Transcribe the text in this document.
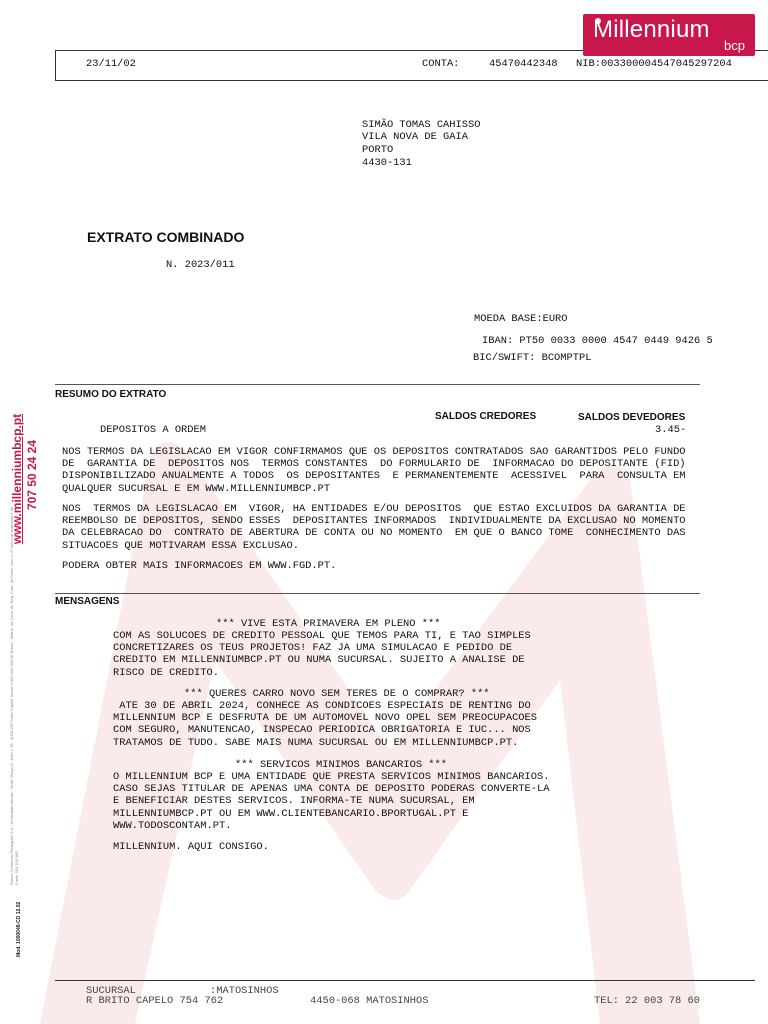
Millennium
bcp
23/11/02	CONTA:	45470442348 NIB:003300004547045297204
SIMÃO TOMAS CAHISSO
VILA NOVA DE GAIA
PORTO
4430-131
EXTRATO COMBINADO
N. 2023/011
MOEDA BASE:EURO
IBAN: PT50 0033 0000 4547 0449 9426 5
BIC/SWIFT: BCOMPTPL
RESUMO DO EXTRATO
SALDOS CREDORES	SALDOS DEVEDORES
DEPOSITOS A ORDEM	3.45-
NOS TERMOS DA LEGISLACAO EM VIGOR CONFIRMAMOS QUE OS DEPOSITOS CONTRATADOS SAO GARANTIDOS PELO FUNDO
DE  GARANTIA DE  DEPOSITOS NOS  TERMOS CONSTANTES  DO FORMULARIO DE  INFORMACAO DO DEPOSITANTE (FID)
DISPONIBILIZADO ANUALMENTE A TODOS  OS DEPOSITANTES  E PERMANENTEMENTE  ACESSIVEL  PARA  CONSULTA EM
QUALQUER SUCURSAL E EM WWW.MILLENNIUMBCP.PT
NOS  TERMOS DA LEGISLACAO EM  VIGOR, HA ENTIDADES E/OU DEPOSITOS  QUE ESTAO EXCLUIDOS DA GARANTIA DE
REEMBOLSO DE DEPOSITOS, SENDO ESSES  DEPOSITANTES INFORMADOS  INDIVIDUALMENTE DA EXCLUSAO NO MOMENTO
DA CELEBRACAO DO  CONTRATO DE ABERTURA DE CONTA OU NO MOMENTO  EM QUE O BANCO TOME  CONHECIMENTO DAS
SITUACOES QUE MOTIVARAM ESSA EXCLUSAO.
PODERA OBTER MAIS INFORMACOES EM WWW.FGD.PT.
MENSAGENS
*** VIVE ESTA PRIMAVERA EM PLENO ***
COM AS SOLUCOES DE CREDITO PESSOAL QUE TEMOS PARA TI, E TAO SIMPLES
CONCRETIZARES OS TEUS PROJETOS! FAZ JA UMA SIMULACAO E PEDIDO DE
CREDITO EM MILLENNIUMBCP.PT OU NUMA SUCURSAL. SUJEITO A ANALISE DE
RISCO DE CREDITO.
*** QUERES CARRO NOVO SEM TERES DE O COMPRAR? ***
ATE 30 DE ABRIL 2024, CONHECE AS CONDICOES ESPECIAIS DE RENTING DO
MILLENNIUM BCP E DESFRUTA DE UM AUTOMOVEL NOVO OPEL SEM PREOCUPACOES
COM SEGURO, MANUTENCAO, INSPECAO PERIODICA OBRIGATORIA E IUC... NOS
TRATAMOS DE TUDO. SABE MAIS NUMA SUCURSAL OU EM MILLENNIUMBCP.PT.
*** SERVICOS MINIMOS BANCARIOS ***
O MILLENNIUM BCP E UMA ENTIDADE QUE PRESTA SERVICOS MINIMOS BANCARIOS.
CASO SEJAS TITULAR DE APENAS UMA CONTA DE DEPOSITO PODERAS CONVERTE-LA
E BENEFICIAR DESTES SERVICOS. INFORMA-TE NUMA SUCURSAL, EM
MILLENNIUMBCP.PT OU EM WWW.CLIENTEBANCARIO.BPORTUGAL.PT E
WWW.TODOSCONTAM.PT.
MILLENNIUM. AQUI CONSIGO.
SUCURSAL	:MATOSINHOS
R BRITO CAPELO 754 762	4450-068 MATOSINHOS	TEL: 22 003 78 60
www.millenniumbcp.pt 707 50 24 24
Banco Comercial Português S.A., Sociedade Aberta - Sede: Praça D. João I, 28 - 4000-295 Porto Capital Social 3.000.000.000,00 Euros - Matric. na Cons. do Reg. Com. do Porto, com o Nº único de matrícula e de Contr. 501 525 882
Mod. 1000048-CD 12.02
